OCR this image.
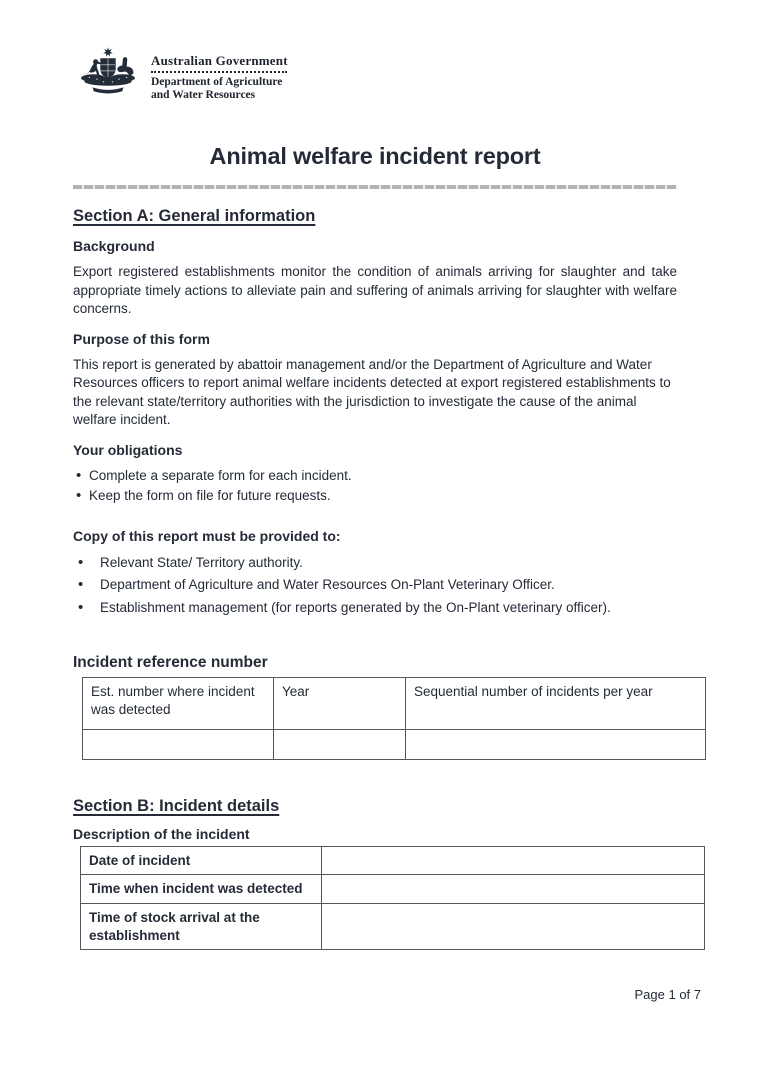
Australian Government
Department of Agriculture
and Water Resources
Animal welfare incident report
Section A: General information
Background

Export registered establishments monitor the condition of animals arriving for slaughter and take appropriate timely actions to alleviate pain and suffering of animals arriving for slaughter with welfare concerns.

Purpose of this form

This report is generated by abattoir management and/or the Department of Agriculture and Water Resources officers to report animal welfare incidents detected at export registered establishments to the relevant state/territory authorities with the jurisdiction to investigate the cause of the animal welfare incident.

Your obligations
• Complete a separate form for each incident.
• Keep the form on file for future requests.
Copy of this report must be provided to:
• Relevant State/ Territory authority.
• Department of Agriculture and Water Resources On-Plant Veterinary Officer.
• Establishment management (for reports generated by the On-Plant veterinary officer).
Incident reference number
Est. number where incident was detected	Year	Sequential number of incidents per year

Section B: Incident details
Description of the incident
Date of incident	
Time when incident was detected	
Time of stock arrival at the establishment	
Page 1 of 7
